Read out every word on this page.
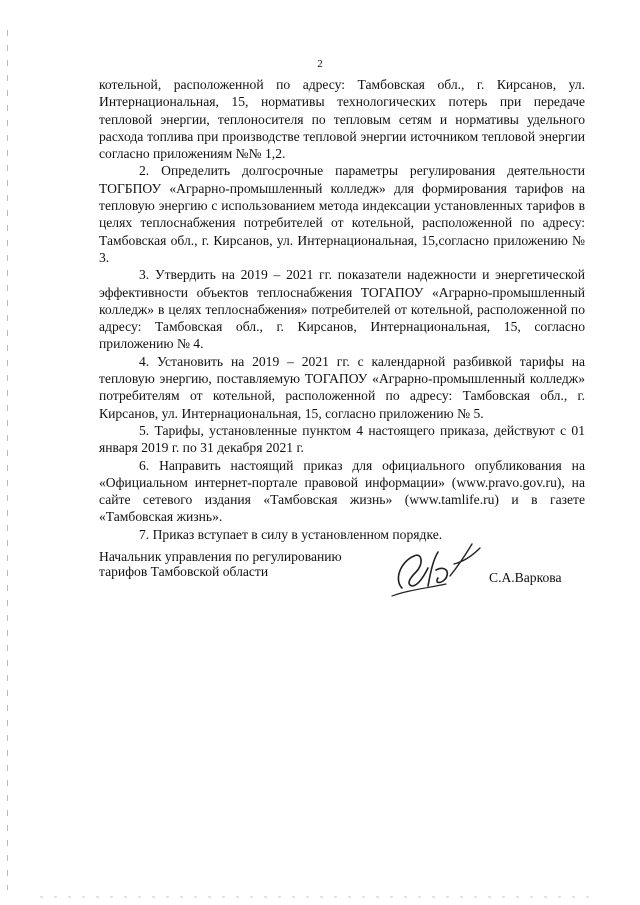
2

котельной, расположенной по адресу: Тамбовская обл., г. Кирсанов, ул. Интернациональная, 15, нормативы технологических потерь при передаче тепловой энергии, теплоносителя по тепловым сетям и нормативы удельного расхода топлива при производстве тепловой энергии источником тепловой энергии согласно приложениям №№ 1,2.

2. Определить долгосрочные параметры регулирования деятельности ТОГБПОУ «Аграрно-промышленный колледж» для формирования тарифов на тепловую энергию с использованием метода индексации установленных тарифов в целях теплоснабжения потребителей от котельной, расположенной по адресу: Тамбовская обл., г. Кирсанов, ул. Интернациональная, 15,согласно приложению № 3.

3. Утвердить на 2019 – 2021 гг. показатели надежности и энергетической эффективности объектов теплоснабжения ТОГАПОУ «Аграрно-промышленный колледж» в целях теплоснабжения» потребителей от котельной, расположенной по адресу: Тамбовская обл., г. Кирсанов, Интернациональная, 15, согласно приложению № 4.

4. Установить на 2019 – 2021 гг. с календарной разбивкой тарифы на тепловую энергию, поставляемую ТОГАПОУ «Аграрно-промышленный колледж» потребителям от котельной, расположенной по адресу: Тамбовская обл., г. Кирсанов, ул. Интернациональная, 15, согласно приложению № 5.

5. Тарифы, установленные пунктом 4 настоящего приказа, действуют с 01 января 2019 г. по 31 декабря 2021 г.

6. Направить настоящий приказ для официального опубликования на «Официальном интернет-портале правовой информации» (www.pravo.gov.ru), на сайте сетевого издания «Тамбовская жизнь» (www.tamlife.ru) и в газете «Тамбовская жизнь».

7. Приказ вступает в силу в установленном порядке.

Начальник управления по регулированию
тарифов Тамбовской области	С.А.Варкова
